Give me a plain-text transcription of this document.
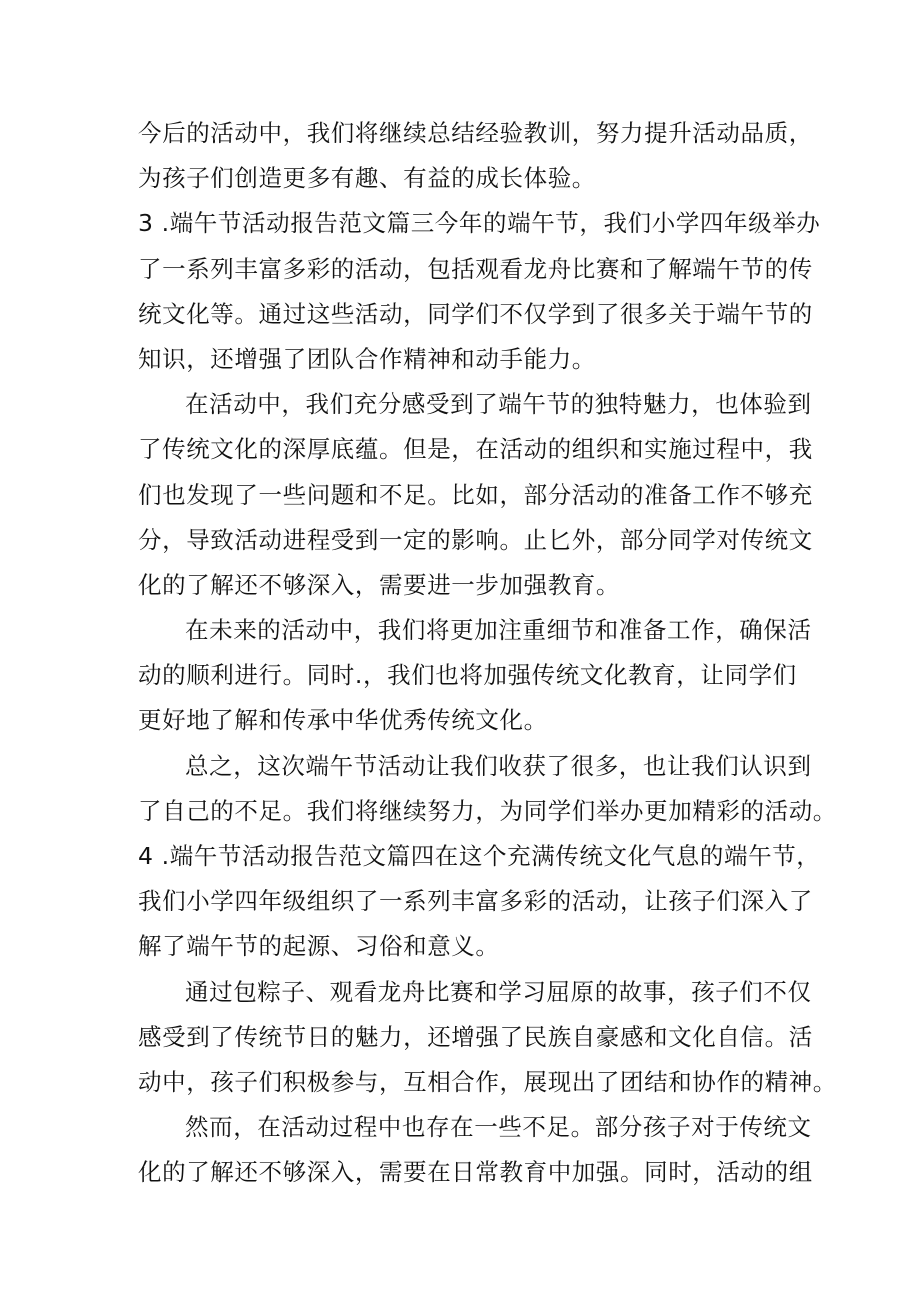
今后的活动中，我们将继续总结经验教训，努力提升活动品质，
为孩子们创造更多有趣、有益的成长体验。
3 .端午节活动报告范文篇三今年的端午节，我们小学四年级举办
了一系列丰富多彩的活动，包括观看龙舟比赛和了解端午节的传
统文化等。通过这些活动，同学们不仅学到了很多关于端午节的
知识，还增强了团队合作精神和动手能力。
在活动中，我们充分感受到了端午节的独特魅力，也体验到
了传统文化的深厚底蕴。但是，在活动的组织和实施过程中，我
们也发现了一些问题和不足。比如，部分活动的准备工作不够充
分，导致活动进程受到一定的影响。止匕外，部分同学对传统文
化的了解还不够深入，需要进一步加强教育。
在未来的活动中，我们将更加注重细节和准备工作，确保活
动的顺利进行。同时.，我们也将加强传统文化教育，让同学们
更好地了解和传承中华优秀传统文化。
总之，这次端午节活动让我们收获了很多，也让我们认识到
了自己的不足。我们将继续努力，为同学们举办更加精彩的活动。
4 .端午节活动报告范文篇四在这个充满传统文化气息的端午节，
我们小学四年级组织了一系列丰富多彩的活动，让孩子们深入了
解了端午节的起源、习俗和意义。
通过包粽子、观看龙舟比赛和学习屈原的故事，孩子们不仅
感受到了传统节日的魅力，还增强了民族自豪感和文化自信。活
动中，孩子们积极参与，互相合作，展现出了团结和协作的精神。
然而，在活动过程中也存在一些不足。部分孩子对于传统文
化的了解还不够深入，需要在日常教育中加强。同时，活动的组
